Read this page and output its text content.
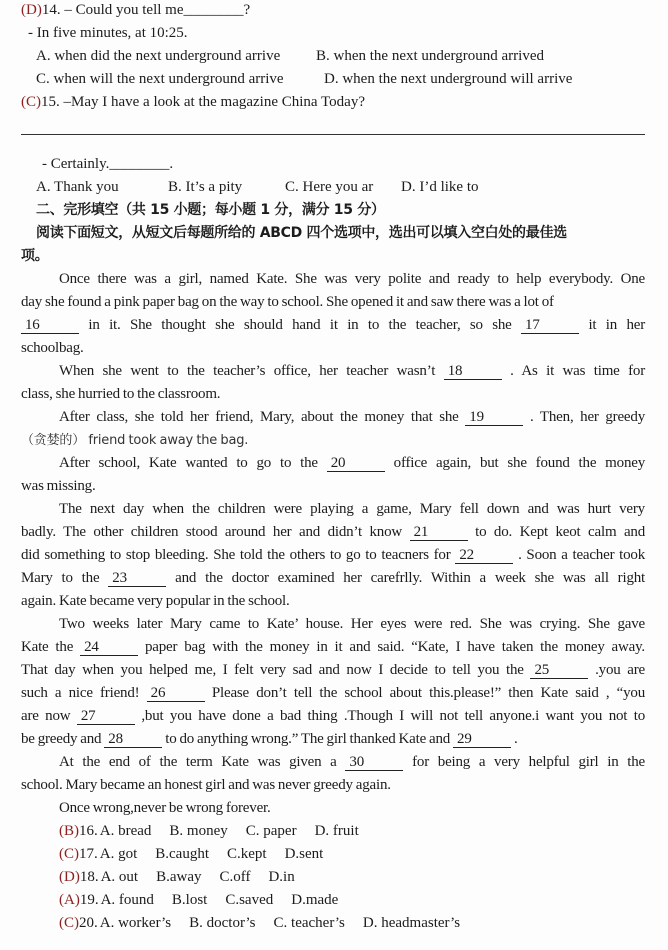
(D)14. – Could you tell me________?
- In five minutes, at 10:25.
A. when did the next underground arrive B. when the next underground arrived
C. when will the next underground arrive	D. when the next underground will arrive
(C)15. –May I have a look at the magazine China Today?
- Certainly.________.
A. Thank you	B. It’s a pity	C. Here you ar D. I’d like to
二、完形填空（共 15 小题；每小题 1 分，满分 15 分）
阅读下面短文，从短文后每题所给的 ABCD 四个选项中，选出可以填入空白处的最佳选
项。
Once there was a girl, named Kate. She was very polite and ready to help everybody. One
day she found a pink paper bag on the way to school. She opened it and saw there was a lot of
16	in it. She thought she should hand it in to the teacher, so she 17	it in her
schoolbag.
When she went to the teacher’s office, her teacher wasn’t 18	. As it was time for
class, she hurried to the classroom.
After class, she told her friend, Mary, about the money that she 19	. Then, her greedy
（贪婪的） friend took away the bag.
After school, Kate wanted to go to the 20	office again, but she found the money
was missing.
The next day when the children were playing a game, Mary fell down and was hurt very
badly. The other children stood around her and didn’t know 21	to do. Kept keot calm and
did something to stop bleeding. She told the others to go to teacners for 22	. Soon a teacher took
Mary to the 23	and the doctor examined her carefrlly. Within a week she was all right
again. Kate became very popular in the school.
Two weeks later Mary came to Kate’ house. Her eyes were red. She was crying. She gave
Kate the 24	paper bag with the money in it and said. “Kate, I have taken the money away.
That day when you helped me, I felt very sad and now I decide to tell you the 25	.you are
such a nice friend! 26	Please don’t tell the school about this.please!” then Kate said , “you
are now 27	,but you have done a bad thing .Though I will not tell anyone.i want you not to
be greedy and 28	to do anything wrong.” The girl thanked Kate and 29	.
At the end of the term Kate was given a 30	for being a very helpful girl in the
school. Mary became an honest girl and was never greedy again.
Once wrong,never be wrong forever.
(B)16. A. bread B. money C. paper D. fruit
(C)17. A. got B.caught C.kept D.sent
(D)18. A. out B.away C.off D.in
(A)19. A. found B.lost C.saved D.made
(C)20. A. worker’s B. doctor’s C. teacher’s D. headmaster’s
